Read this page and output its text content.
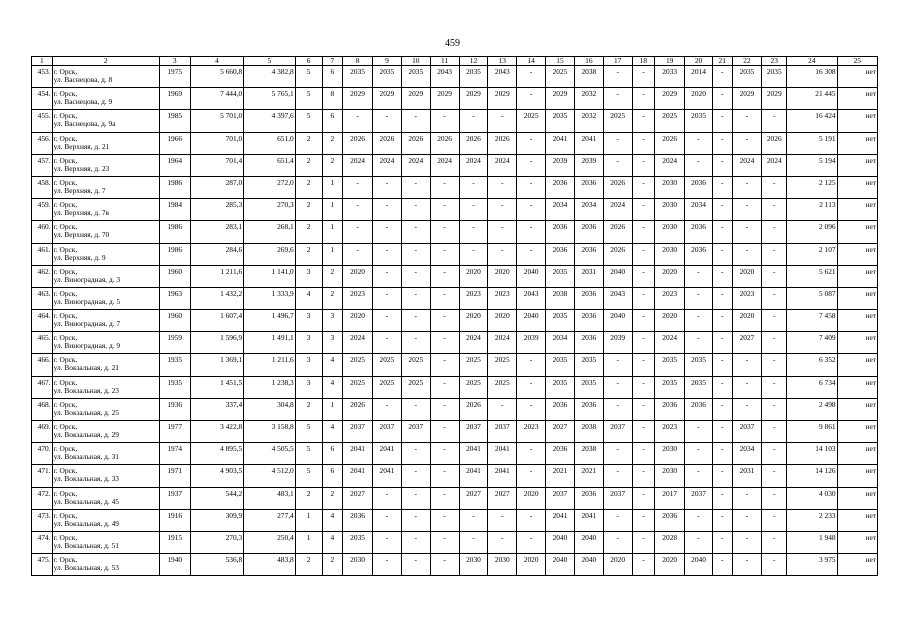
459
1	2	3	4	5	6	7	8	9	10	11	12	13	14	15	16	17	18	19	20	21	22	23	24	25
453.	г. Орск,
ул. Васнецова, д. 8	1975	5 660,8	4 382,8	5	6	2035	2035	2035	2043	2035	2043	-	2025	2038	-	-	2033	2014	-	2035	2035	16 308	нет
454.	г. Орск,
ул. Васнецова, д. 9	1969	7 444,0	5 765,1	5	8	2029	2029	2029	2029	2029	2029	-	2029	2032	-	-	2029	2020	-	2029	2029	21 445	нет
455.	г. Орск,
ул. Васнецова, д. 9а	1985	5 701,0	4 397,6	5	6	-	-	-	-	-	-	2025	2035	2032	2025	-	2025	2035	-	-	-	16 424	нет
456.	г. Орск,
ул. Верхняя, д. 21	1966	701,0	651,0	2	2	2026	2026	2026	2026	2026	2026	-	2041	2041	-	-	2026	-	-	-	2026	5 191	нет
457.	г. Орск,
ул. Верхняя, д. 23	1964	701,4	651,4	2	2	2024	2024	2024	2024	2024	2024	-	2039	2039	-	-	2024	-	-	2024	2024	5 194	нет
458.	г. Орск,
ул. Верхняя, д. 7	1986	287,0	272,0	2	1	-	-	-	-	-	-	-	2036	2036	2026	-	2030	2036	-	-	-	2 125	нет
459.	г. Орск,
ул. Верхняя, д. 7в	1984	285,3	270,3	2	1	-	-	-	-	-	-	-	2034	2034	2024	-	2030	2034	-	-	-	2 113	нет
460.	г. Орск,
ул. Верхняя, д. 70	1986	283,1	268,1	2	1	-	-	-	-	-	-	-	2036	2036	2026	-	2030	2036	-	-	-	2 096	нет
461.	г. Орск,
ул. Верхняя, д. 9	1986	284,6	269,6	2	1	-	-	-	-	-	-	-	2036	2036	2026	-	2030	2036	-	-	-	2 107	нет
462.	г. Орск,
ул. Виноградная, д. 3	1960	1 211,6	1 141,0	3	2	2020	-	-	-	2020	2020	2040	2035	2031	2040	-	2020	-	-	2020	-	5 621	нет
463.	г. Орск,
ул. Виноградная, д. 5	1963	1 432,2	1 333,9	4	2	2023	-	-	-	2023	2023	2043	2038	2036	2043	-	2023	-	-	2023	-	5 087	нет
464.	г. Орск,
ул. Виноградная, д. 7	1960	1 607,4	1 496,7	3	3	2020	-	-	-	2020	2020	2040	2035	2036	2040	-	2020	-	-	2020	-	7 458	нет
465.	г. Орск,
ул. Виноградная, д. 9	1959	1 596,9	1 491,1	3	3	2024	-	-	-	2024	2024	2039	2034	2036	2039	-	2024	-	-	2027	-	7 409	нет
466.	г. Орск,
ул. Вокзальная, д. 21	1935	1 369,1	1 211,6	3	4	2025	2025	2025	-	2025	2025	-	2035	2035	-	-	2035	2035	-	-	-	6 352	нет
467.	г. Орск,
ул. Вокзальная, д. 23	1935	1 451,5	1 238,3	3	4	2025	2025	2025	-	2025	2025	-	2035	2035	-	-	2035	2035	-	-	-	6 734	нет
468.	г. Орск,
ул. Вокзальная, д. 25	1936	337,4	304,8	2	1	2026	-	-	-	2026	-	-	2036	2036	-	-	2036	2036	-	-	-	2 498	нет
469.	г. Орск,
ул. Вокзальная, д. 29	1977	3 422,8	3 158,8	5	4	2037	2037	2037	-	2037	2037	2023	2027	2038	2037	-	2023	-	-	2037	-	9 861	нет
470.	г. Орск,
ул. Вокзальная, д. 31	1974	4 895,5	4 505,5	5	6	2041	2041	-	-	2041	2041	-	2036	2038	-	-	2030	-	-	2034	-	14 103	нет
471.	г. Орск,
ул. Вокзальная, д. 33	1971	4 903,5	4 512,0	5	6	2041	2041	-	-	2041	2041	-	2021	2021	-	-	2030	-	-	2031	-	14 126	нет
472.	г. Орск,
ул. Вокзальная, д. 45	1937	544,2	483,1	2	2	2027	-	-	-	2027	2027	2020	2037	2036	2037	-	2017	2037	-	-	-	4 030	нет
473.	г. Орск,
ул. Вокзальная, д. 49	1916	309,9	277,4	1	4	2036	-	-	-	-	-	-	2041	2041	-	-	2036	-	-	-	-	2 233	нет
474.	г. Орск,
ул. Вокзальная, д. 51	1915	270,3	250,4	1	4	2035	-	-	-	-	-	-	2040	2040	-	-	2028	-	-	-	-	1 948	нет
475.	г. Орск,
ул. Вокзальная, д. 53	1940	536,8	483,8	2	2	2030	-	-	-	2030	2030	2020	2040	2040	2020	-	2020	2040	-	-	-	3 975	нет
